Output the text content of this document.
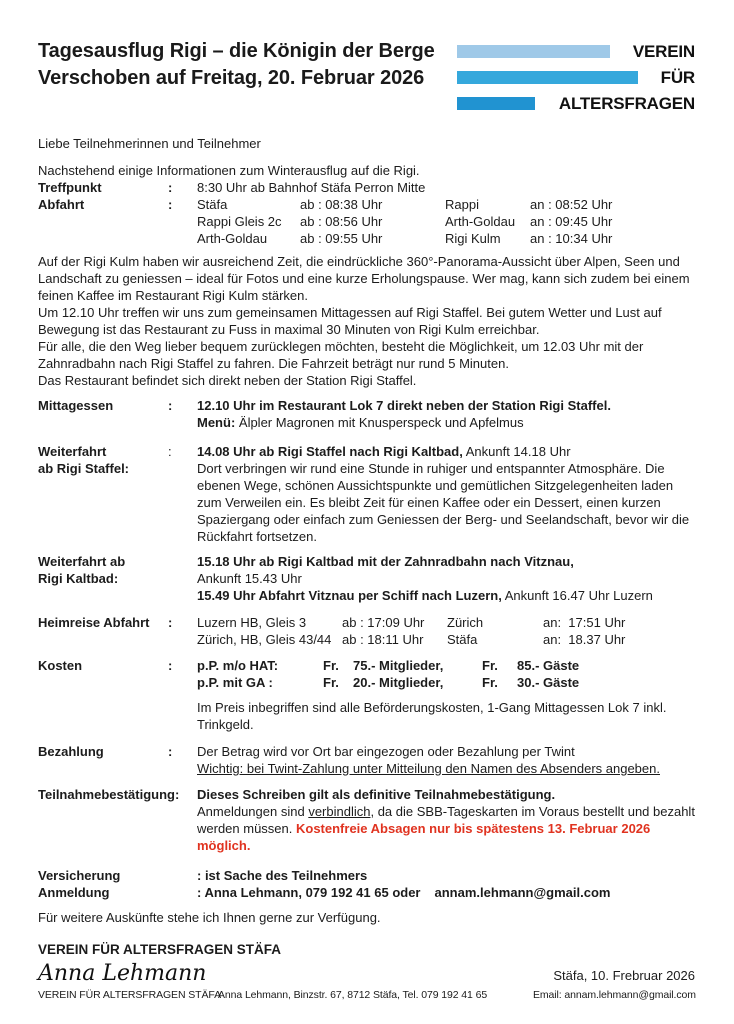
Tagesausflug Rigi – die Königin der Berge
Verschoben auf Freitag, 20. Februar 2026
VEREIN
FÜR
ALTERSFRAGEN
Liebe Teilnehmerinnen und Teilnehmer
Nachstehend einige Informationen zum Winterausflug auf die Rigi.
Treffpunkt	:	8:30 Uhr ab Bahnhof Stäfa Perron Mitte
Abfahrt	:	Stäfa	ab : 08:38 Uhr	Rappi	an : 08:52 Uhr
Rappi Gleis 2c	ab : 08:56 Uhr	Arth-Goldau	an : 09:45 Uhr
Arth-Goldau	ab : 09:55 Uhr	Rigi Kulm	an : 10:34 Uhr

Auf der Rigi Kulm haben wir ausreichend Zeit, die eindrückliche 360°-Panorama-Aussicht über Alpen, Seen und Landschaft zu geniessen – ideal für Fotos und eine kurze Erholungspause. Wer mag, kann sich zudem bei einem feinen Kaffee im Restaurant Rigi Kulm stärken.

Um 12.10 Uhr treffen wir uns zum gemeinsamen Mittagessen auf Rigi Staffel. Bei gutem Wetter und Lust auf Bewegung ist das Restaurant zu Fuss in maximal 30 Minuten von Rigi Kulm erreichbar.

Für alle, die den Weg lieber bequem zurücklegen möchten, besteht die Möglichkeit, um 12.03 Uhr mit der Zahnradbahn nach Rigi Staffel zu fahren. Die Fahrzeit beträgt nur rund 5 Minuten.

Das Restaurant befindet sich direkt neben der Station Rigi Staffel.

Mittagessen	:	12.10 Uhr im Restaurant Lok 7 direkt neben der Station Rigi Staffel.
Menü: Älpler Magronen mit Knusperspeck und Apfelmus
Weiterfahrt
ab Rigi Staffel:
:	14.08 Uhr ab Rigi Staffel nach Rigi Kaltbad, Ankunft 14.18 Uhr
Dort verbringen wir rund eine Stunde in ruhiger und entspannter Atmosphäre. Die ebenen Wege, schönen Aussichtspunkte und gemütlichen Sitzgelegenheiten laden zum Verweilen ein. Es bleibt Zeit für einen Kaffee oder ein Dessert, einen kurzen Spaziergang oder einfach zum Geniessen der Berg- und Seelandschaft, bevor wir die Rückfahrt fortsetzen.
Weiterfahrt ab
Rigi Kaltbad:
15.18 Uhr ab Rigi Kaltbad mit der Zahnradbahn nach Vitznau,
Ankunft 15.43 Uhr
15.49 Uhr Abfahrt Vitznau per Schiff nach Luzern, Ankunft 16.47 Uhr Luzern
Heimreise Abfahrt	:	Luzern HB, Gleis 3	ab : 17:09 Uhr	Zürich	an:  17:51 Uhr
Zürich, HB, Gleis 43/44 ab : 18:11 Uhr	Stäfa	an:  18.37 Uhr
Kosten	:	p.P. m/o HAT:	Fr.	75.- Mitglieder,	Fr.	85.- Gäste
p.P. mit GA :	Fr.	20.- Mitglieder,	Fr.	30.- Gäste
Im Preis inbegriffen sind alle Beförderungskosten, 1-Gang Mittagessen Lok 7 inkl. Trinkgeld.
Bezahlung	:	Der Betrag wird vor Ort bar eingezogen oder Bezahlung per Twint
Wichtig: bei Twint-Zahlung unter Mitteilung den Namen des Absenders angeben.
Teilnahmebestätigung:	Dieses Schreiben gilt als definitive Teilnahmebestätigung.
Anmeldungen sind verbindlich, da die SBB-Tageskarten im Voraus bestellt und bezahlt werden müssen. Kostenfreie Absagen nur bis spätestens 13. Februar 2026 möglich.
Versicherung	: ist Sache des Teilnehmers
Anmeldung	: Anna Lehmann, 079 192 41 65 oder annam.lehmann@gmail.com
Für weitere Auskünfte stehe ich Ihnen gerne zur Verfügung.
VEREIN FÜR ALTERSFRAGEN STÄFA
Anna Lehmann	Stäfa, 10. Frebruar 2026
VEREIN FÜR ALTERSFRAGEN STÄFA
Anna Lehmann, Binzstr. 67, 8712 Stäfa, Tel. 079 192 41 65	Email: annam.lehmann@gmail.com
